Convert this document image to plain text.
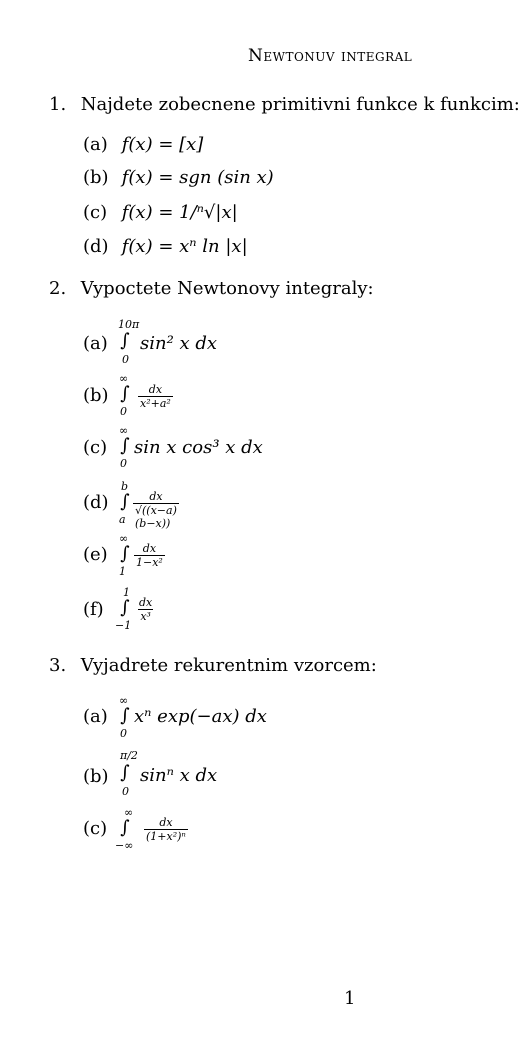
Newtonuv integral
1. Najdete zobecnene primitivni funkce k funkcim:
(a) f(x) = [x]
(b) f(x) = sgn (sin x)
(c) f(x) = 1/ⁿ√|x|
(d) f(x) = xⁿ ln |x|
2. Vypoctete Newtonovy integraly:
(a)
10π
∫
0
sin² x dx
(b)
∞
∫
0
$\frac{dx}{\text{x²+a²}}$
(c)
∞
∫
0
sin x cos³ x dx
(d)
b
∫
a $\frac{dx}{√((x-a)(b-x))}$
(e)
∞
∫
1
$\frac{dx}{\text{1−x²}}$
(f)
1
∫
−1
$\frac{dx}{\text{x³}}$
3. Vyjadrete rekurentnim vzorcem:
(a)
∞
∫
0
xⁿ exp(−ax) dx
(b)
π/2
∫
0
sinⁿ x dx
(c)
∞
∫
−∞
$\frac{dx}{\text{(1+x²)ⁿ}}$
1
